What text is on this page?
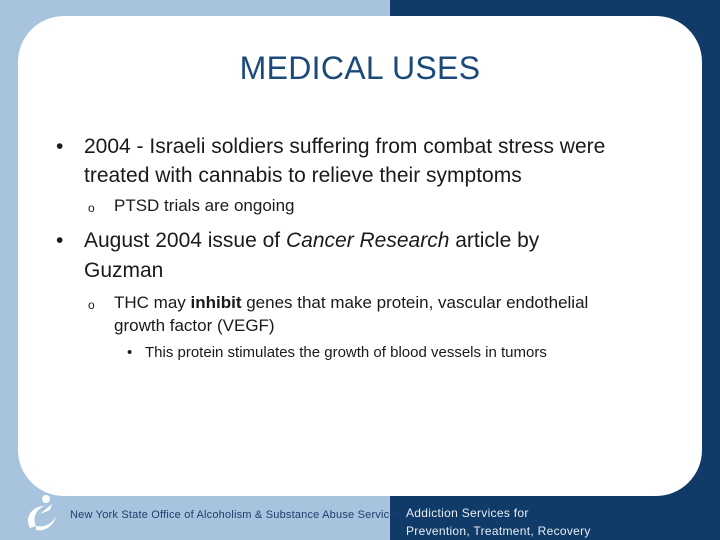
MEDICAL USES
• 2004 - Israeli soldiers suffering from combat stress were
treated with cannabis to relieve their symptoms
o PTSD trials are ongoing
• August 2004 issue of Cancer Research article by
Guzman
o THC may inhibit genes that make protein, vascular endothelial
growth factor (VEGF)
• This protein stimulates the growth of blood vessels in tumors
New York State Office of Alcoholism & Substance Abuse Services Addiction Services for
Prevention, Treatment, Recovery
